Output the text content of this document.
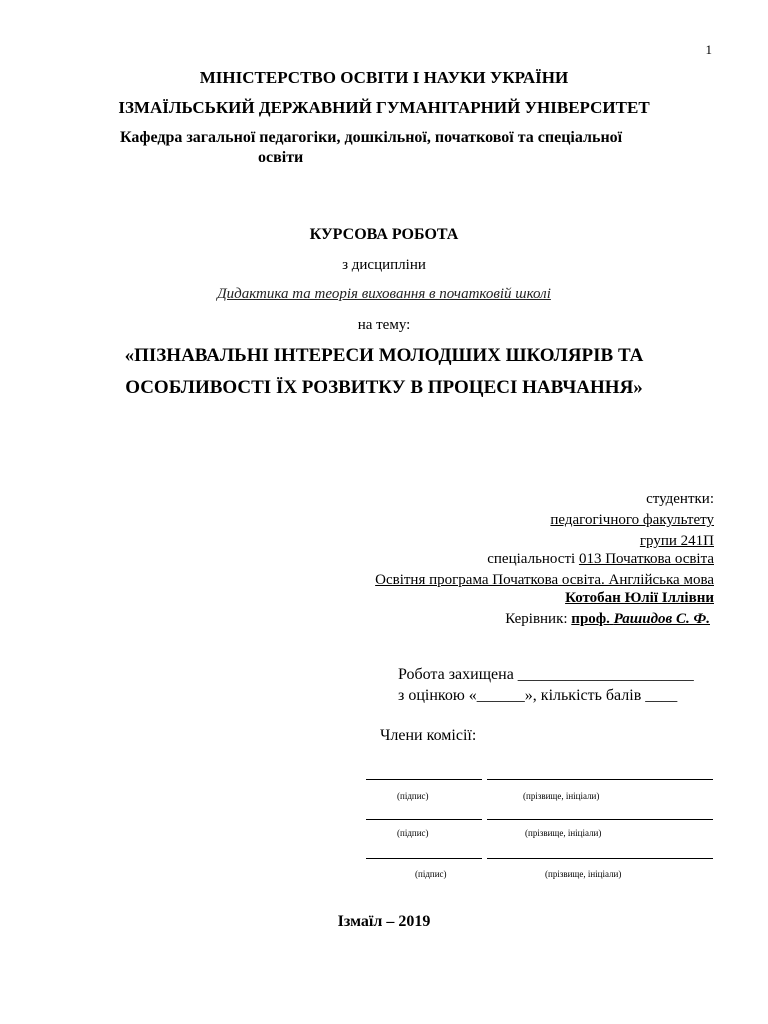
1
МІНІСТЕРСТВО ОСВІТИ І НАУКИ УКРАЇНИ
ІЗМАЇЛЬСЬКИЙ ДЕРЖАВНИЙ ГУМАНІТАРНИЙ УНІВЕРСИТЕТ
Кафедра загальної педагогіки, дошкільної, початкової та спеціальної
освіти
КУРСОВА РОБОТА
з дисципліни
Дидактика та теорія виховання в початковій школі
на тему:
«ПІЗНАВАЛЬНІ ІНТЕРЕСИ МОЛОДШИХ ШКОЛЯРІВ ТА
ОСОБЛИВОСТІ ЇХ РОЗВИТКУ В ПРОЦЕСІ НАВЧАННЯ»
студентки:
педагогічного факультету
групи 241П
спеціальності 013 Початкова освіта
Освітня програма Початкова освіта. Англійська мова
Котобан Юлії Іллівни
Керівник: проф. Рашидов С. Ф.
Робота захищена ______________________
з оцінкою «______», кількість балів ____
Члени комісії:
(підпис)	(прізвище, ініціали)
(підпис)	(прізвище, ініціали)
(підпис)	(прізвище, ініціали)
Ізмаїл – 2019
